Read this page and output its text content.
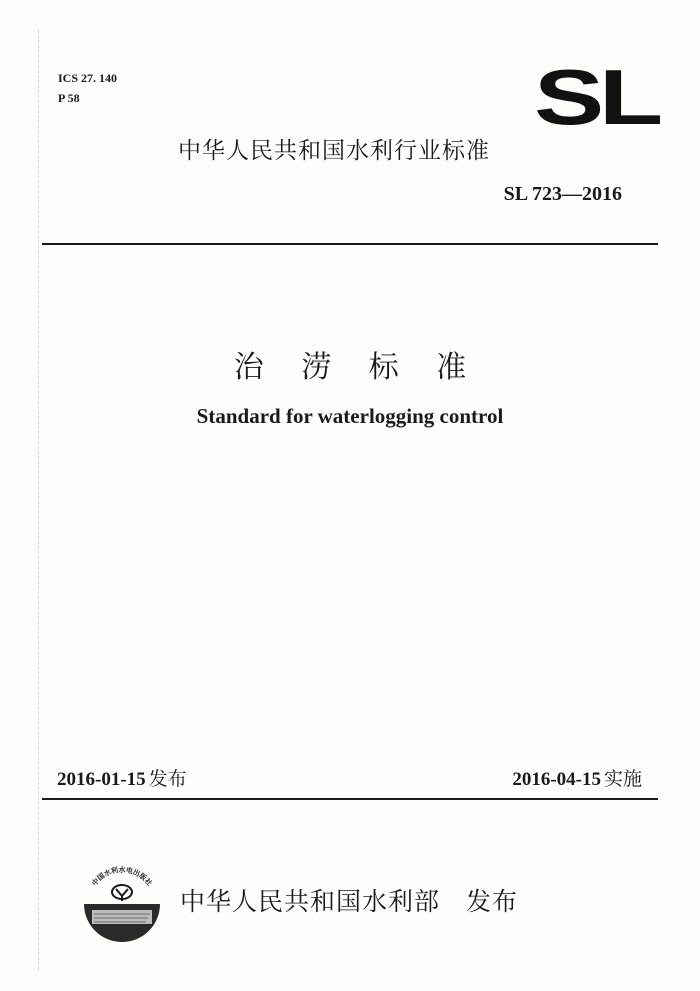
ICS 27. 140
P 58	SL
中华人民共和国水利行业标准
SL 723—2016
治 涝 标 准
Standard for waterlogging control
2016-01-15 发布	2016-04-15 实施
中国水利水电出版社
中华人民共和国水利部 发布
